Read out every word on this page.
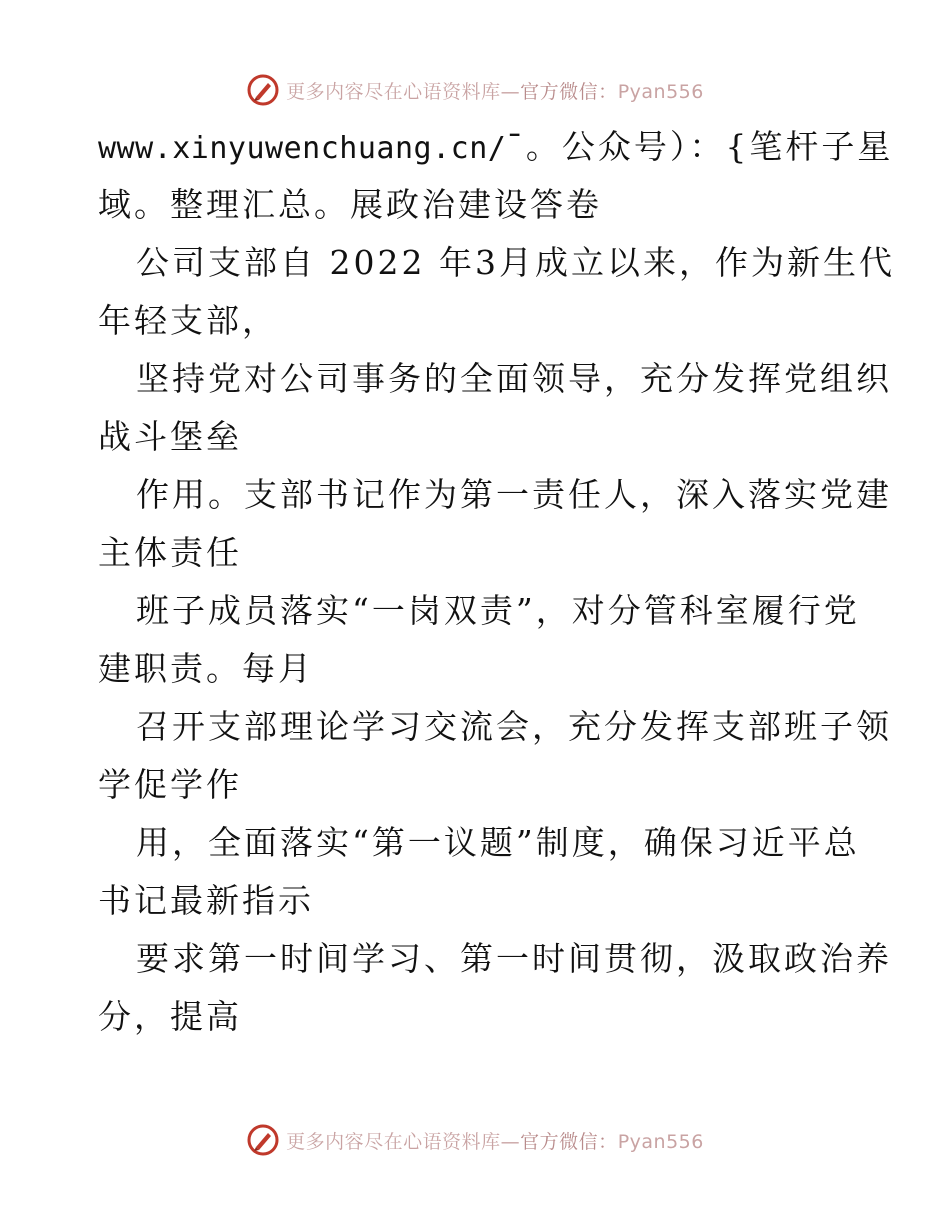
更多内容尽在心语资料库—官方微信：Pyan556
www.xinyuwenchuang.cn/¯。公众号）：{笔杆子星
域。整理汇总。展政治建设答卷
公司支部自 2022 年3月成立以来，作为新生代
年轻支部，
坚持党对公司事务的全面领导，充分发挥党组织
战斗堡垒
作用。支部书记作为第一责任人，深入落实党建
主体责任
班子成员落实“一岗双责”，对分管科室履行党
建职责。每月
召开支部理论学习交流会，充分发挥支部班子领
学促学作
用，全面落实“第一议题”制度，确保习近平总
书记最新指示
要求第一时间学习、第一时间贯彻，汲取政治养
分，提高
更多内容尽在心语资料库—官方微信：Pyan556
